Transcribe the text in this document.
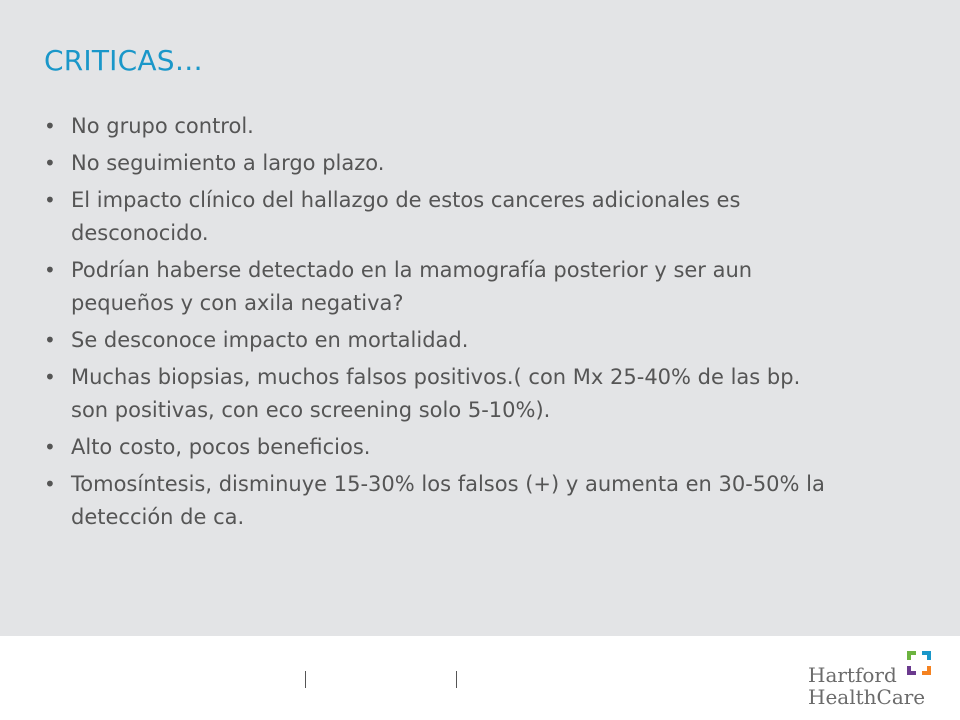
CRITICAS…
• No grupo control.
• No seguimiento a largo plazo.
• El impacto clínico del hallazgo de estos canceres adicionales es desconocido.
• Podrían haberse detectado en la mamografía posterior y ser aun pequeños y con axila negativa?
• Se desconoce impacto en mortalidad.
• Muchas biopsias, muchos falsos positivos.( con Mx 25-40% de las bp. son positivas, con eco screening solo 5-10%).
• Alto costo, pocos beneficios.
• Tomosíntesis, disminuye 15-30% los falsos (+) y aumenta en 30-50% la detección de ca.
Hartford
HealthCare
